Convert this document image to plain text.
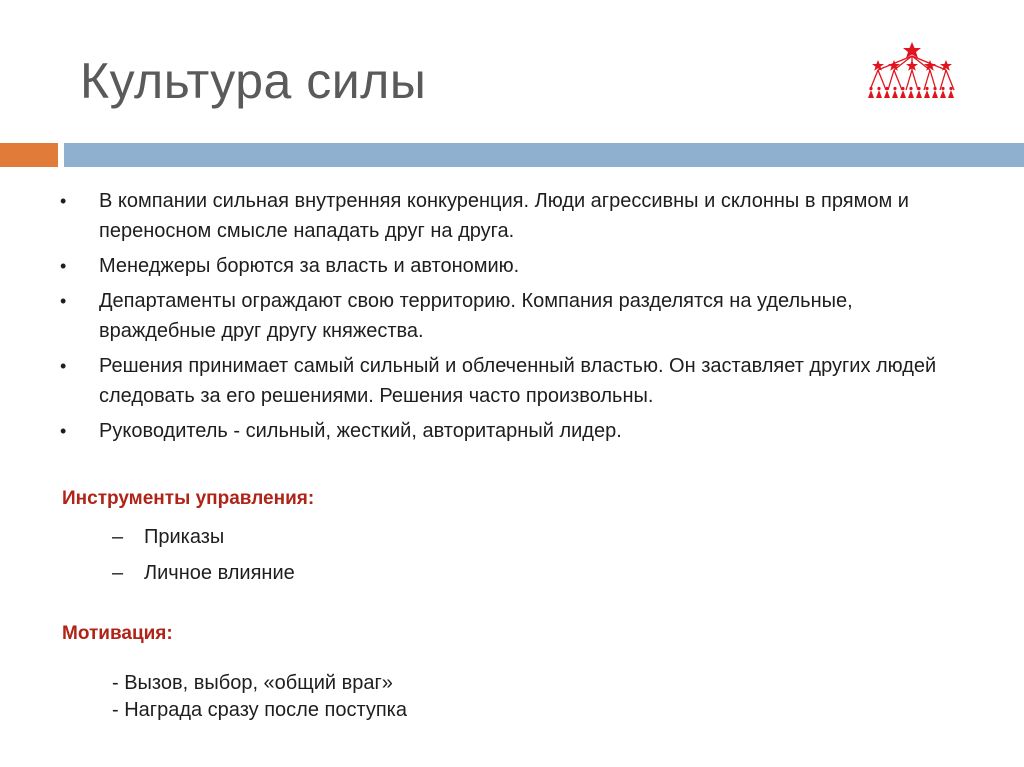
Культура силы
• В компании сильная внутренняя конкуренция. Люди агрессивны и склонны в прямом и переносном смысле нападать друг на друга.
• Менеджеры борются за власть и автономию.
• Департаменты ограждают свою территорию. Компания разделятся на удельные, враждебные друг другу княжества.
• Решения принимает самый сильный и облеченный властью. Он заставляет других людей следовать за его решениями. Решения часто произвольны.
• Руководитель - сильный, жесткий, авторитарный лидер.
Инструменты управления:
– Приказы
– Личное влияние
Мотивация:
- Вызов, выбор, «общий враг»
- Награда сразу после поступка
